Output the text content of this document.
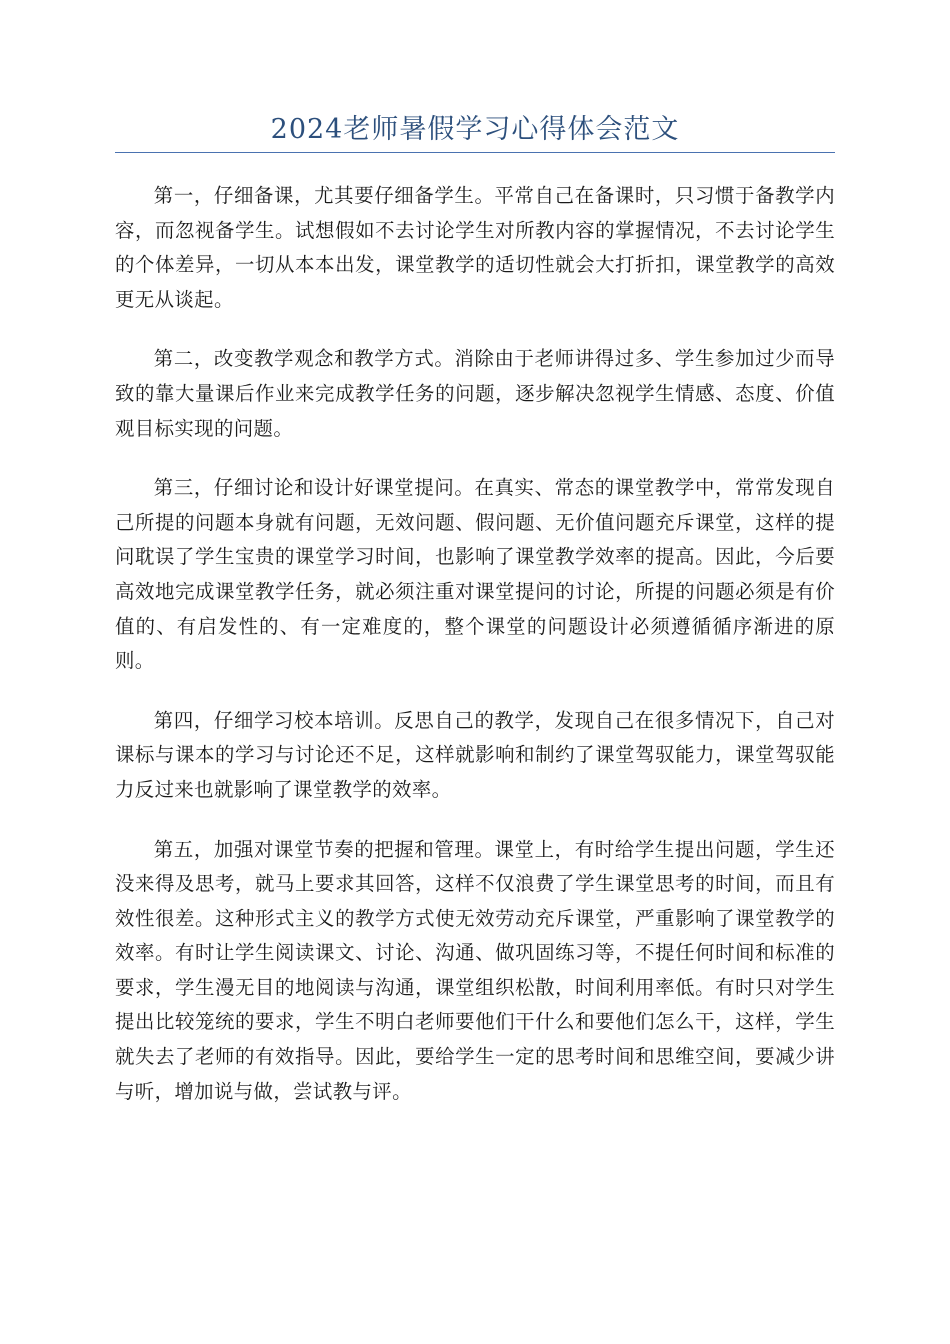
2024老师暑假学习心得体会范文

第一，仔细备课，尤其要仔细备学生。平常自己在备课时，只习惯于备教学内容，而忽视备学生。试想假如不去讨论学生对所教内容的掌握情况，不去讨论学生的个体差异，一切从本本出发，课堂教学的适切性就会大打折扣，课堂教学的高效更无从谈起。

第二，改变教学观念和教学方式。消除由于老师讲得过多、学生参加过少而导致的靠大量课后作业来完成教学任务的问题，逐步解决忽视学生情感、态度、价值观目标实现的问题。

第三，仔细讨论和设计好课堂提问。在真实、常态的课堂教学中，常常发现自己所提的问题本身就有问题，无效问题、假问题、无价值问题充斥课堂，这样的提问耽误了学生宝贵的课堂学习时间，也影响了课堂教学效率的提高。因此，今后要高效地完成课堂教学任务，就必须注重对课堂提问的讨论，所提的问题必须是有价值的、有启发性的、有一定难度的，整个课堂的问题设计必须遵循循序渐进的原则。

第四，仔细学习校本培训。反思自己的教学，发现自己在很多情况下，自己对课标与课本的学习与讨论还不足，这样就影响和制约了课堂驾驭能力，课堂驾驭能力反过来也就影响了课堂教学的效率。

第五，加强对课堂节奏的把握和管理。课堂上，有时给学生提出问题，学生还没来得及思考，就马上要求其回答，这样不仅浪费了学生课堂思考的时间，而且有效性很差。这种形式主义的教学方式使无效劳动充斥课堂，严重影响了课堂教学的效率。有时让学生阅读课文、讨论、沟通、做巩固练习等，不提任何时间和标准的要求，学生漫无目的地阅读与沟通，课堂组织松散，时间利用率低。有时只对学生提出比较笼统的要求，学生不明白老师要他们干什么和要他们怎么干，这样，学生就失去了老师的有效指导。因此，要给学生一定的思考时间和思维空间，要减少讲与听，增加说与做，尝试教与评。
